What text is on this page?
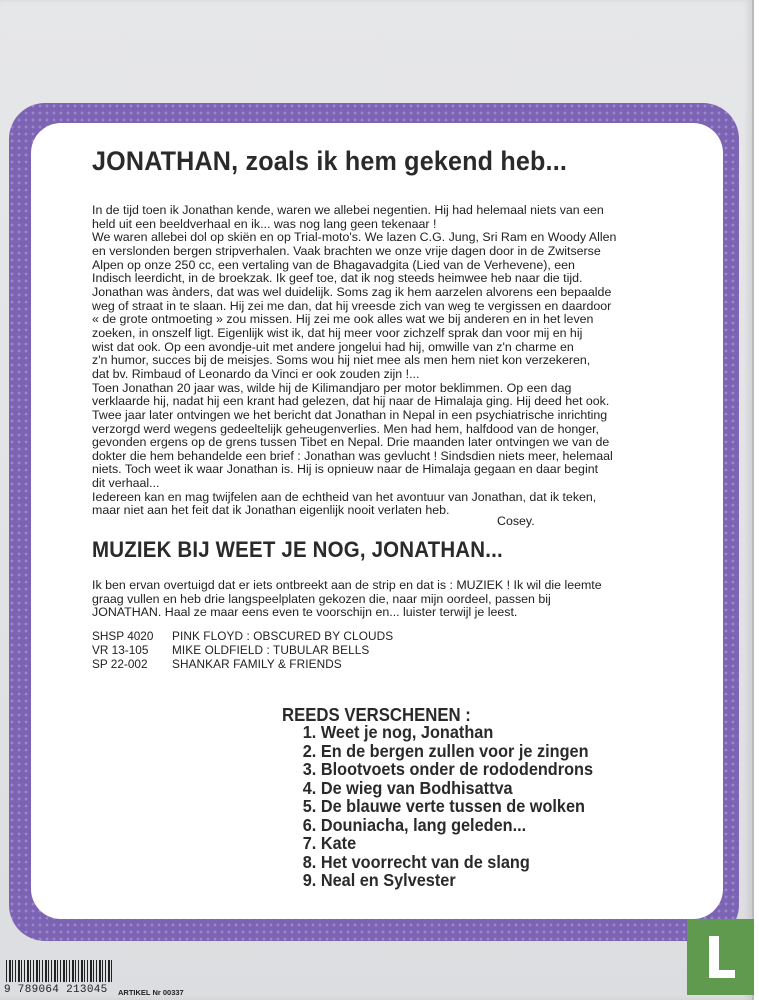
JONATHAN, zoals ik hem gekend heb...

In de tijd toen ik Jonathan kende, waren we allebei negentien. Hij had helemaal niets van een

held uit een beeldverhaal en ik... was nog lang geen tekenaar !

We waren allebei dol op skiën en op Trial-moto's. We lazen C.G. Jung, Sri Ram en Woody Allen

en verslonden bergen stripverhalen. Vaak brachten we onze vrije dagen door in de Zwitserse

Alpen op onze 250 cc, een vertaling van de Bhagavadgita (Lied van de Verhevene), een

Indisch leerdicht, in de broekzak. Ik geef toe, dat ik nog steeds heimwee heb naar die tijd.

Jonathan was ànders, dat was wel duidelijk. Soms zag ik hem aarzelen alvorens een bepaalde

weg of straat in te slaan. Hij zei me dan, dat hij vreesde zich van weg te vergissen en daardoor

« de grote ontmoeting » zou missen. Hij zei me ook alles wat we bij anderen en in het leven

zoeken, in onszelf ligt. Eigenlijk wist ik, dat hij meer voor zichzelf sprak dan voor mij en hij

wist dat ook. Op een avondje-uit met andere jongelui had hij, omwille van z'n charme en

z'n humor, succes bij de meisjes. Soms wou hij niet mee als men hem niet kon verzekeren,

dat bv. Rimbaud of Leonardo da Vinci er ook zouden zijn !...

Toen Jonathan 20 jaar was, wilde hij de Kilimandjaro per motor beklimmen. Op een dag

verklaarde hij, nadat hij een krant had gelezen, dat hij naar de Himalaja ging. Hij deed het ook.

Twee jaar later ontvingen we het bericht dat Jonathan in Nepal in een psychiatrische inrichting

verzorgd werd wegens gedeeltelijk geheugenverlies. Men had hem, halfdood van de honger,

gevonden ergens op de grens tussen Tibet en Nepal. Drie maanden later ontvingen we van de

dokter die hem behandelde een brief : Jonathan was gevlucht ! Sindsdien niets meer, helemaal

niets. Toch weet ik waar Jonathan is. Hij is opnieuw naar de Himalaja gegaan en daar begint

dit verhaal...

Iedereen kan en mag twijfelen aan de echtheid van het avontuur van Jonathan, dat ik teken,

maar niet aan het feit dat ik Jonathan eigenlijk nooit verlaten heb.

Cosey.
MUZIEK BIJ WEET JE NOG, JONATHAN...

Ik ben ervan overtuigd dat er iets ontbreekt aan de strip en dat is : MUZIEK ! Ik wil die leemte

graag vullen en heb drie langspeelplaten gekozen die, naar mijn oordeel, passen bij

JONATHAN. Haal ze maar eens even te voorschijn en... luister terwijl je leest.

SHSP 4020	PINK FLOYD : OBSCURED BY CLOUDS
VR 13-105	MIKE OLDFIELD : TUBULAR BELLS
SP 22-002	SHANKAR FAMILY & FRIENDS
REEDS VERSCHENEN :
1. Weet je nog, Jonathan
2. En de bergen zullen voor je zingen
3. Blootvoets onder de rododendrons
4. De wieg van Bodhisattva
5. De blauwe verte tussen de wolken
6. Douniacha, lang geleden...
7. Kate
8. Het voorrecht van de slang
9. Neal en Sylvester
9 789064 213045 ARTIKEL Nr 00337
